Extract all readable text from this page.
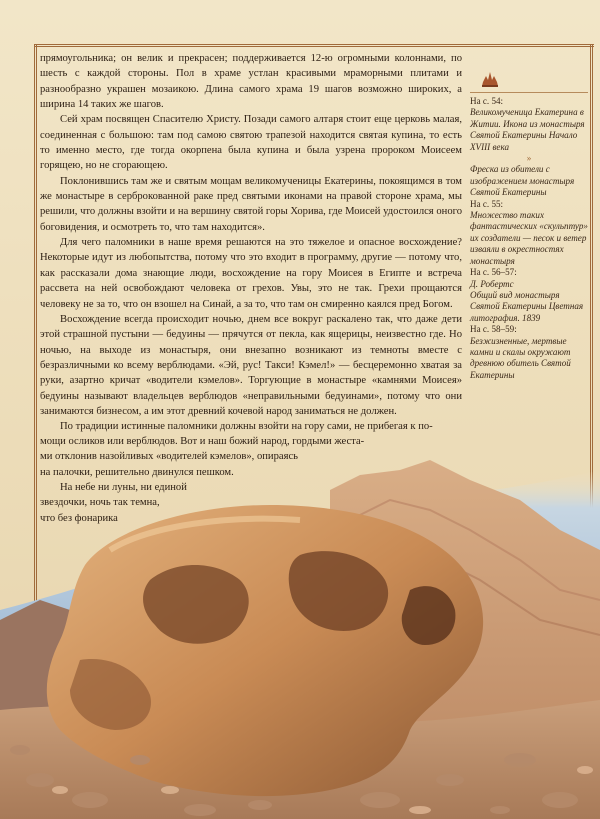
прямоугольника; он велик и прекрасен; поддерживается 12-ю огромными колоннами, по шесть с каждой стороны. Пол в храме устлан красивыми мраморными плитами и разнообразно украшен мозаикою. Длина самого храма 19 шагов возможно широких, а ширина 14 таких же шагов.

Сей храм посвящен Спасителю Христу. Позади самого алтаря стоит еще церковь малая, соединенная с большою: там под самою святою трапезой находится святая купина, то есть то именно место, где тогда окорпена была купина и была узрена пророком Моисеем горящею, но не сгорающею.

Поклонившись там же и святым мощам великомученицы Екатерины, покоящимся в том же монастыре в серброкованной раке пред святыми иконами на правой стороне храма, мы решили, что должны взойти и на вершину святой горы Хорива, где Моисей удостоился оного боговидения, и осмотреть то, что там находится».

Для чего паломники в наше время решаются на это тяжелое и опасное восхождение? Некоторые идут из любопытства, потому что это входит в программу, другие — потому что, как рассказали дома знающие люди, восхождение на гору Моисея в Египте и встреча рассвета на ней освобождают человека от грехов. Увы, это не так. Грехи прощаются человеку не за то, что он взошел на Синай, а за то, что там он смиренно каялся пред Богом.

Восхождение всегда происходит ночью, днем все вокруг раскалено так, что даже дети этой страшной пустыни — бедуины — прячутся от пекла, как ящерицы, неизвестно где. Но ночью, на выходе из монастыря, они внезапно возникают из темноты вместе с безразличными ко всему верблюдами. «Эй, рус! Такси! Кэмел!» — бесцеремонно хватая за руки, азартно кричат «водители кэмелов». Торгующие в монастыре «камнями Моисея» бедуины называют владельцев верблюдов «неправильными бедуинами», потому что они занимаются бизнесом, а им этот древний кочевой народ заниматься не должен.

По традиции истинные паломники должны взойти на гору сами, не прибегая к по-

мощи осликов или верблюдов. Вот и наш божий народ, гордыми жеста-
ми отклонив назойливых «водителей кэмелов», опираясь
на палочки, решительно двинулся пешком.
На небе ни луны, ни единой
звездочки, ночь так темна,
что без фонарика
На с. 54:
Великомученица Екатерина в Житии. Икона из монастыря Святой Екатерины Начало XVIII века
»
Фреска из обители с изображением монастыря Святой Екатерины
На с. 55:
Множество таких фантастических «скульптур» их создатели — песок и ветер изваяли в окрестностях монастыря
На с. 56–57:
Д. Робертс
Общий вид монастыря Святой Екатерины Цветная литография. 1839
На с. 58–59:
Безжизненные, мертвые камни и скалы окружают древнюю обитель Святой Екатерины
